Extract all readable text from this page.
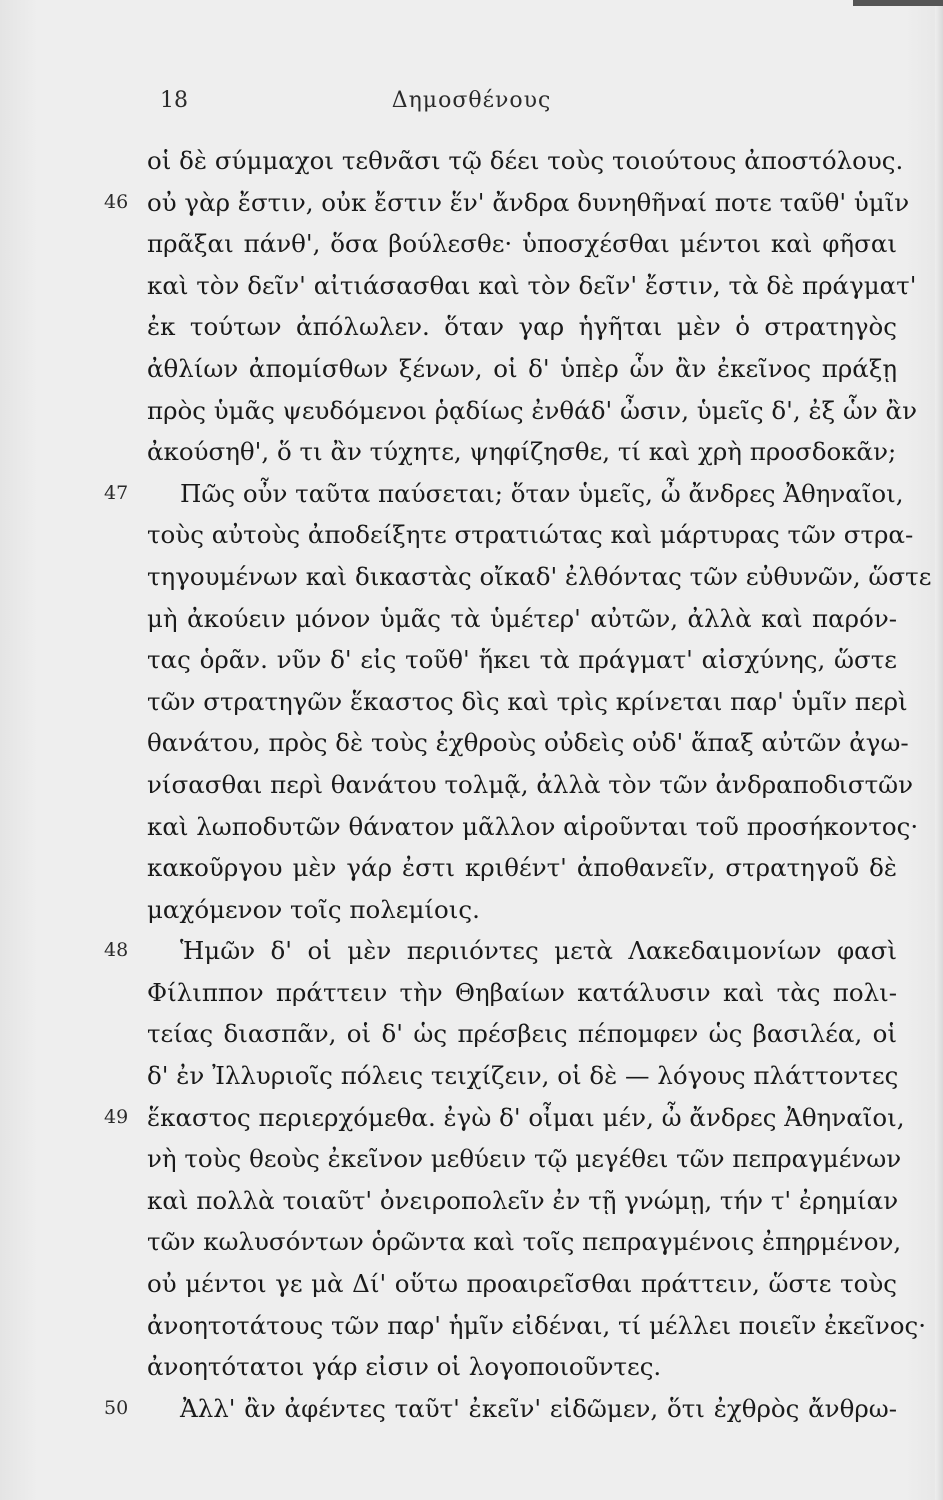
18	Δημοσθένους
οἱ δὲ σύμμαχοι τεθνᾶσι τῷ δέει τοὺς τοιούτους ἀποστόλους.
46 οὐ γὰρ ἔστιν, οὐκ ἔστιν ἕν' ἄνδρα δυνηθῆναί ποτε ταῦθ' ὑμῖν
πρᾶξαι πάνθ', ὅσα βούλεσθε· ὑποσχέσθαι μέντοι καὶ φῆσαι
καὶ τὸν δεῖν' αἰτιάσασθαι καὶ τὸν δεῖν' ἔστιν, τὰ δὲ πράγματ'
ἐκ τούτων ἀπόλωλεν. ὅταν γαρ ἡγῆται μὲν ὁ στρατηγὸς
ἀθλίων ἀπομίσθων ξένων, οἱ δ' ὑπὲρ ὧν ἂν ἐκεῖνος πράξῃ
πρὸς ὑμᾶς ψευδόμενοι ῥᾳδίως ἐνθάδ' ὦσιν, ὑμεῖς δ', ἐξ ὧν ἂν
ἀκούσηθ', ὅ τι ἂν τύχητε, ψηφίζησθε, τί καὶ χρὴ προσδοκᾶν;
47 Πῶς οὖν ταῦτα παύσεται; ὅταν ὑμεῖς, ὦ ἄνδρες Ἀθηναῖοι,
τοὺς αὐτοὺς ἀποδείξητε στρατιώτας καὶ μάρτυρας τῶν στρα-
τηγουμένων καὶ δικαστὰς οἴκαδ' ἐλθόντας τῶν εὐθυνῶν, ὥστε
μὴ ἀκούειν μόνον ὑμᾶς τὰ ὑμέτερ' αὐτῶν, ἀλλὰ καὶ παρόν-
τας ὁρᾶν. νῦν δ' εἰς τοῦθ' ἥκει τὰ πράγματ' αἰσχύνης, ὥστε
τῶν στρατηγῶν ἕκαστος δὶς καὶ τρὶς κρίνεται παρ' ὑμῖν περὶ
θανάτου, πρὸς δὲ τοὺς ἐχθροὺς οὐδεὶς οὐδ' ἅπαξ αὐτῶν ἀγω-
νίσασθαι περὶ θανάτου τολμᾷ, ἀλλὰ τὸν τῶν ἀνδραποδιστῶν
καὶ λωποδυτῶν θάνατον μᾶλλον αἱροῦνται τοῦ προσήκοντος·
κακοῦργου μὲν γάρ ἐστι κριθέντ' ἀποθανεῖν, στρατηγοῦ δὲ
μαχόμενον τοῖς πολεμίοις.
48 Ἡμῶν δ' οἱ μὲν περιιόντες μετὰ Λακεδαιμονίων φασὶ
Φίλιππον πράττειν τὴν Θηβαίων κατάλυσιν καὶ τὰς πολι-
τείας διασπᾶν, οἱ δ' ὡς πρέσβεις πέπομφεν ὡς βασιλέα, οἱ
δ' ἐν Ἰλλυριοῖς πόλεις τειχίζειν, οἱ δὲ — λόγους πλάττοντες
49 ἕκαστος περιερχόμεθα. ἐγὼ δ' οἶμαι μέν, ὦ ἄνδρες Ἀθηναῖοι,
νὴ τοὺς θεοὺς ἐκεῖνον μεθύειν τῷ μεγέθει τῶν πεπραγμένων
καὶ πολλὰ τοιαῦτ' ὀνειροπολεῖν ἐν τῇ γνώμῃ, τήν τ' ἐρημίαν
τῶν κωλυσόντων ὁρῶντα καὶ τοῖς πεπραγμένοις ἐπηρμένον,
οὐ μέντοι γε μὰ Δί' οὕτω προαιρεῖσθαι πράττειν, ὥστε τοὺς
ἀνοητοτάτους τῶν παρ' ἡμῖν εἰδέναι, τί μέλλει ποιεῖν ἐκεῖνος·
ἀνοητότατοι γάρ εἰσιν οἱ λογοποιοῦντες.
50 Ἀλλ' ἂν ἀφέντες ταῦτ' ἐκεῖν' εἰδῶμεν, ὅτι ἐχθρὸς ἄνθρω-
